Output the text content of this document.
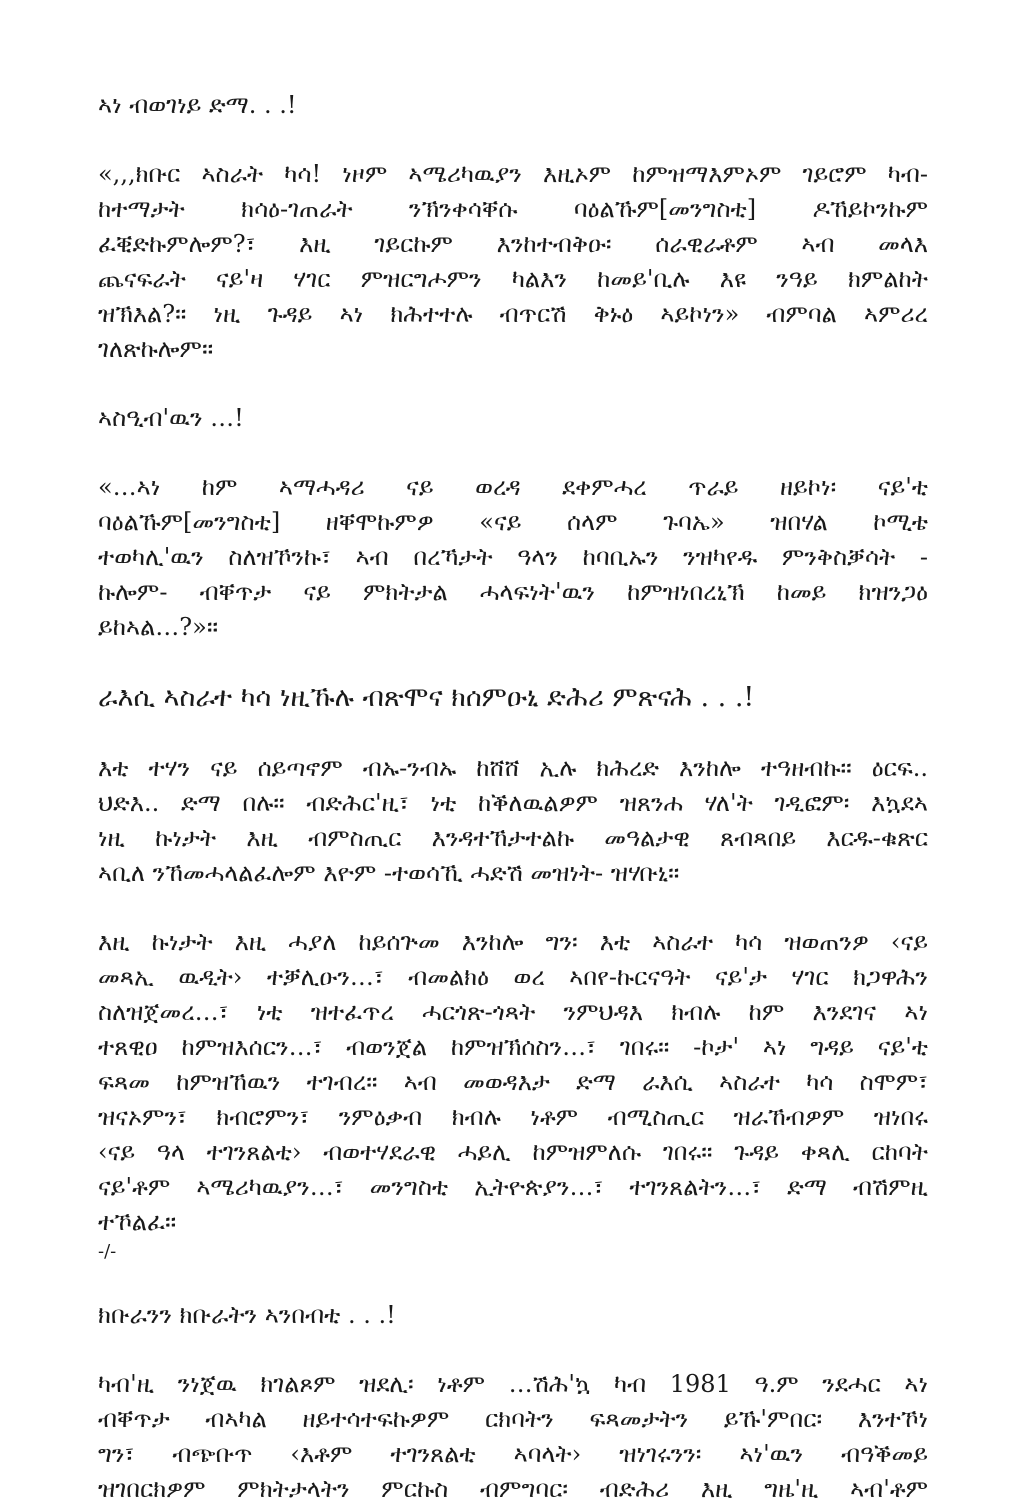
ኣነ ብወገነይ ድማ. . .!
«,,,ክቡር ኣስራት ካሳ! ነዞም ኣሜሪካዉያን እዚኦም ከምዝማእምኦም ገይሮም ካብ-
ከተማታት ክሳዕ-ገጠራት ንኽንቀሳቐሱ ባዕልኹም[መንግስቲ] ዶኸይኮንኩም
ፈቒድኩምሎም?፣ እዚ ገይርኩም እንከተብቅዑ፡ ሰራዊራቶም ኣብ መላእ
ጨናፍራት ናይ'ዛ ሃገር ምዝርግሖምን ካልእን ከመይ'ቢሉ እዩ ንዓይ ክምልከት
ዝኽእል?። ነዚ ጉዳይ ኣነ ክሕተተሉ ብጥርሽ ቅኑዕ ኣይኮነን» ብምባል ኣምሪረ
ገለጽኩሎም።
ኣስዒብ'ዉን …!
«…ኣነ ከም ኣማሓዳሪ ናይ ወረዳ ደቀምሓረ ጥራይ ዘይኮነ፡ ናይ'ቲ
ባዕልኹም[መንግስቲ] ዘቐሞኩምዎ «ናይ ሰላም ጉባኤ» ዝበሃል ኮሚቴ
ተወካሊ'ዉን ስለዝኾንኩ፣ ኣብ በረኻታት ዓላን ከባቢኡን ንዝካየዱ ምንቅስቓሳት -
ኩሎም- ብቐጥታ ናይ ምክትታል ሓላፍነት'ዉን ከምዝነበረኒኽ ከመይ ክዝንጋዕ
ይከኣል…?»።
ራእሲ ኣስራተ ካሳ ነዚኹሉ ብጽሞና ክሰምዑኒ ድሕሪ ምጽናሕ . . .!
እቲ ተሃን ናይ ሰይጣኖም ብኡ-ንብኡ ከሸሸ ኢሉ ክሕረድ እንከሎ ተዓዘብኩ። ዕርፍ..
ህድእ.. ድማ በሉ። ብድሕር'ዚ፣ ነቲ ከቕለዉልዎም ዝጸንሐ ሃለ'ት ገዲፎም፡ እኳደኣ
ነዚ ኩነታት እዚ ብምስጢር እንዳተኸታተልኩ መዓልታዊ ጸብጻበይ እርዱ-ቁጽር
ኣቢለ ንኸመሓላልፈሎም እዮም -ተወሳኺ ሓድሽ መዝነት- ዝሃቡኒ።
እዚ ኩነታት እዚ ሓያለ ከይሰጕመ እንከሎ ግን፡ እቲ ኣስራተ ካሳ ዝወጠንዎ ‹ናይ
መጻኢ ዉዲት› ተቓሊዑን…፣ ብመልክዕ ወረ ኣበየ-ኩርናዓት ናይ'ታ ሃገር ክጋዋሕን
ስለዝጀመረ…፣ ነቲ ዝተፈጥረ ሓርጎጽ-ጎጻት ንምህዳእ ክብሉ ከም እንደገና ኣነ
ተጸዊዐ ከምዝእሰርን…፣ ብወንጀል ከምዝኽሰስን…፣ ገበሩ። -ኮታ' ኣነ ግዳይ ናይ'ቲ
ፍጻመ ከምዝኸዉን ተገብረ። ኣብ መወዳእታ ድማ ራእሲ ኣስራተ ካሳ ስሞም፣
ዝናኦምን፣ ክብሮምን፣ ንምዕቃብ ክብሉ ነቶም ብሚስጢር ዝራኸብዎም ዝነበሩ
‹ናይ ዓላ ተገንጸልቲ› ብወተሃደራዊ ሓይሊ ከምዝምለሱ ገበሩ። ጉዳይ ቀጻሊ ርከባት
ናይ'ቶም ኣሜሪካዉያን…፣ መንግስቲ ኢትዮጵያን…፣ ተገንጸልትን…፣ ድማ ብሽምዚ
ተኾልፈ።
-/-
ክቡራንን ክቡራትን ኣንበብቲ . . .!
ካብ'ዚ ንነጀዉ ክገልጾም ዝደሊ፡ ነቶም …ሽሕ'ኳ ካብ 1981 ዓ.ም ንደሓር ኣነ
ብቐጥታ ብኣካል ዘይተሳተፍኩዎም ርክባትን ፍጻመታትን ይኹ'ምበር፡ እንተኾነ
ግን፣ ብጭቡጥ ‹እቶም ተገንጸልቲ ኣባላት› ዝነገሩንን፡ ኣነ'ዉን ብዓቕመይ
ዝገበርክዎም ምክትታላትን ምርኩስ ብምግባር፡ ብድሕሪ እዚ ግዜ'ዚ ኣብ'ቶም
